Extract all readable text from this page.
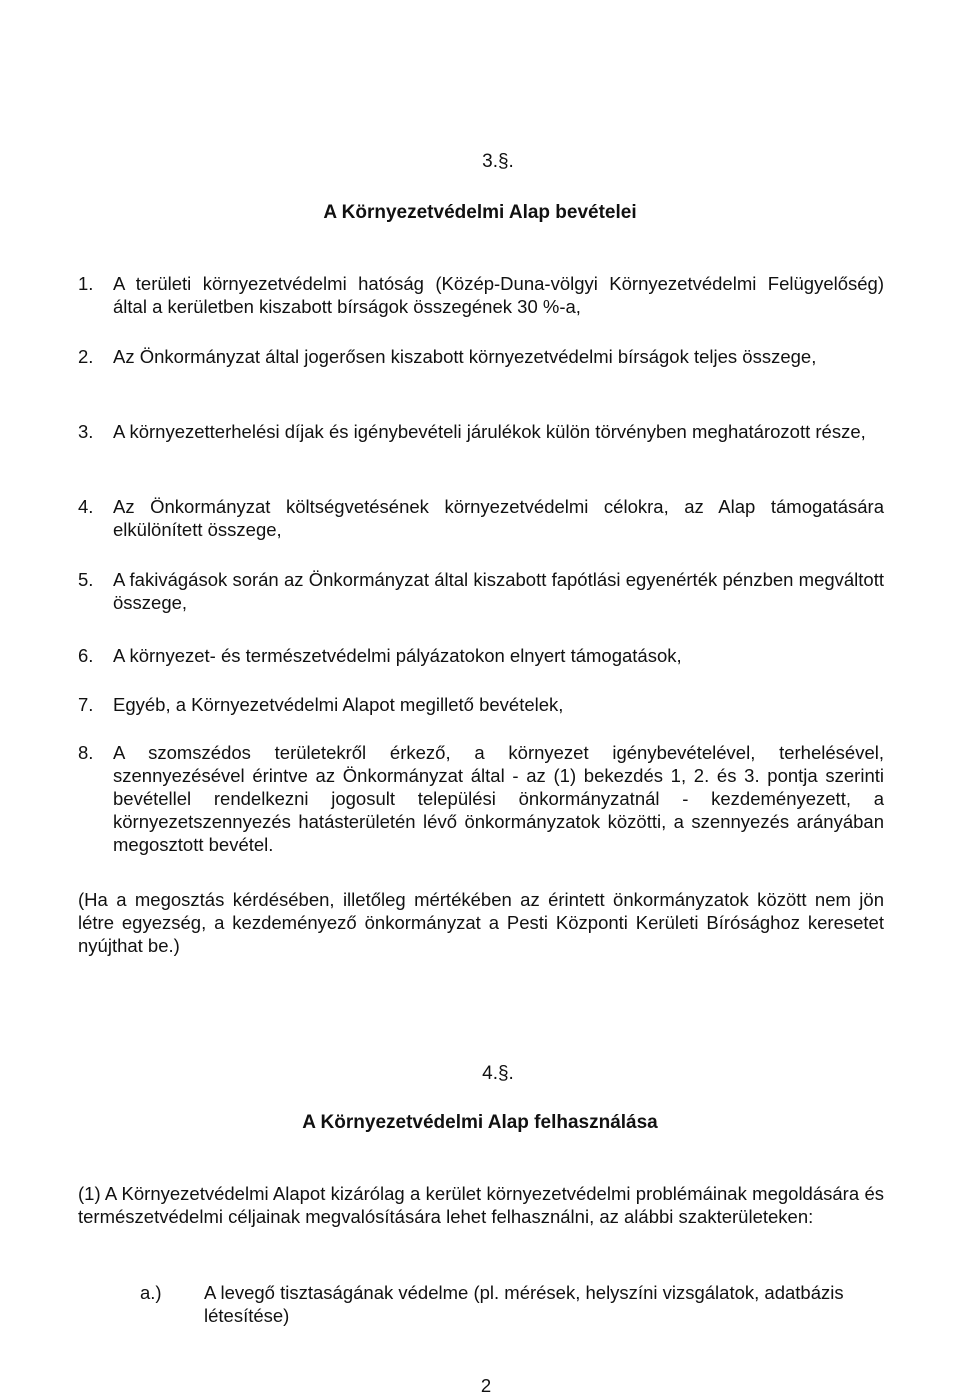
3.§.
A Környezetvédelmi Alap bevételei
1. A területi környezetvédelmi hatóság (Közép-Duna-völgyi Környezetvédelmi Felügyelőség) által a kerületben kiszabott bírságok összegének 30 %-a,
2. Az Önkormányzat által jogerősen kiszabott környezetvédelmi bírságok teljes összege,
3. A környezetterhelési díjak és igénybevételi járulékok külön törvényben meghatározott része,
4. Az Önkormányzat költségvetésének környezetvédelmi célokra, az Alap támogatására elkülönített összege,
5. A fakivágások során az Önkormányzat által kiszabott fapótlási egyenérték pénzben megváltott összege,
6. A környezet- és természetvédelmi pályázatokon elnyert támogatások,
7. Egyéb, a Környezetvédelmi Alapot megillető bevételek,
8. A szomszédos területekről érkező, a környezet igénybevételével, terhelésével, szennyezésével érintve az Önkormányzat által - az (1) bekezdés 1, 2. és 3. pontja szerinti bevétellel rendelkezni jogosult települési önkormányzatnál - kezdeményezett, a környezetszennyezés hatásterületén lévő önkormányzatok közötti, a szennyezés arányában megosztott bevétel.
(Ha a megosztás kérdésében, illetőleg mértékében az érintett önkormányzatok között nem jön létre egyezség, a kezdeményező önkormányzat a Pesti Központi Kerületi Bírósághoz keresetet nyújthat be.)
4.§.
A Környezetvédelmi Alap felhasználása
(1) A Környezetvédelmi Alapot kizárólag a kerület környezetvédelmi problémáinak megoldására és természetvédelmi céljainak megvalósítására lehet felhasználni, az alábbi szakterületeken:
a.) A levegő tisztaságának védelme (pl. mérések, helyszíni vizsgálatok, adatbázis létesítése)
2
